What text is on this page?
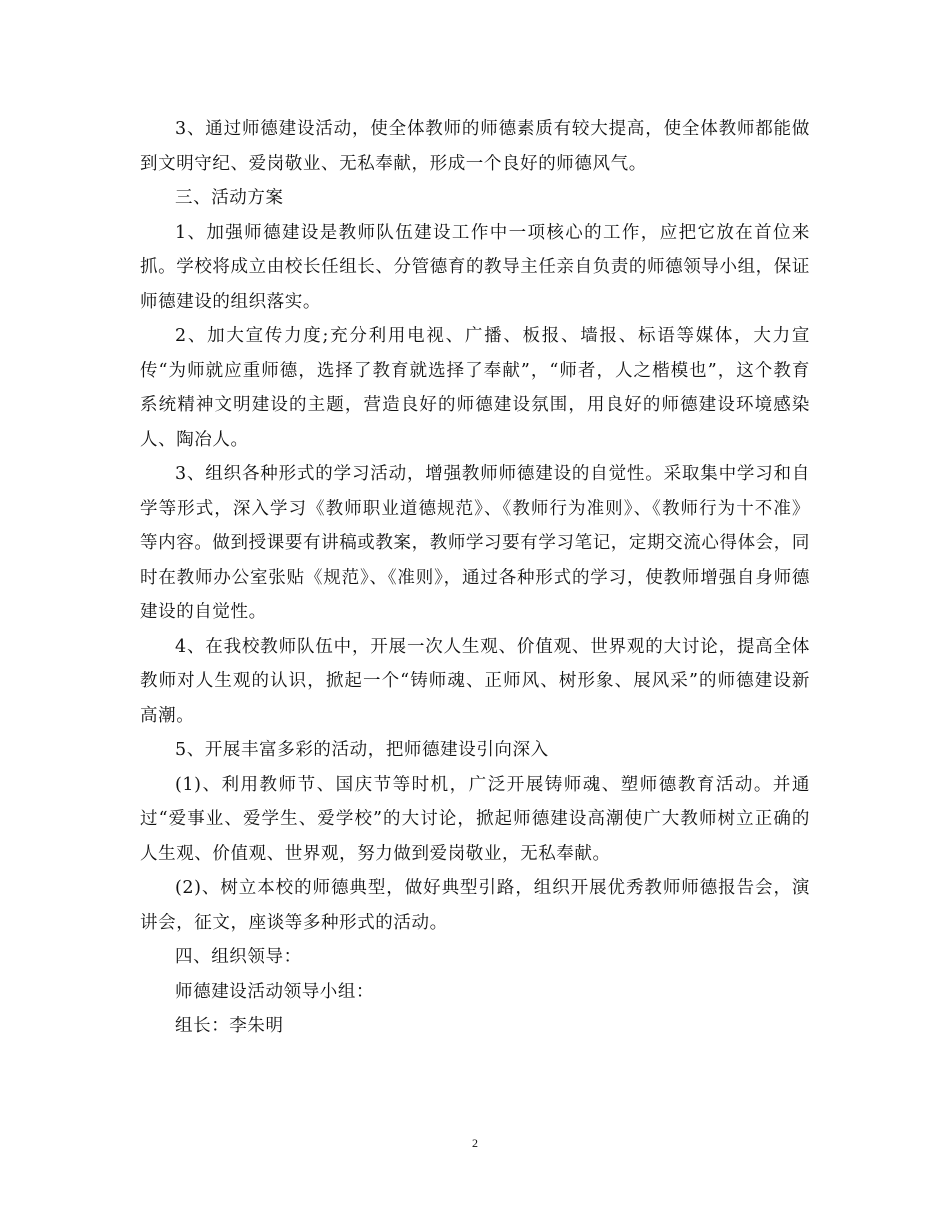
3、通过师德建设活动，使全体教师的师德素质有较大提高，使全体教师都能做到文明守纪、爱岗敬业、无私奉献，形成一个良好的师德风气。

三、活动方案

1、加强师德建设是教师队伍建设工作中一项核心的工作，应把它放在首位来抓。学校将成立由校长任组长、分管德育的教导主任亲自负责的师德领导小组，保证师德建设的组织落实。

2、加大宣传力度;充分利用电视、广播、板报、墙报、标语等媒体，大力宣传“为师就应重师德，选择了教育就选择了奉献”，“师者，人之楷模也”，这个教育系统精神文明建设的主题，营造良好的师德建设氛围，用良好的师德建设环境感染人、陶冶人。

3、组织各种形式的学习活动，增强教师师德建设的自觉性。采取集中学习和自学等形式，深入学习《教师职业道德规范》、《教师行为准则》、《教师行为十不准》等内容。做到授课要有讲稿或教案，教师学习要有学习笔记，定期交流心得体会，同时在教师办公室张贴《规范》、《准则》，通过各种形式的学习，使教师增强自身师德建设的自觉性。

4、在我校教师队伍中，开展一次人生观、价值观、世界观的大讨论，提高全体教师对人生观的认识，掀起一个“铸师魂、正师风、树形象、展风采”的师德建设新高潮。

5、开展丰富多彩的活动，把师德建设引向深入

(1)、利用教师节、国庆节等时机，广泛开展铸师魂、塑师德教育活动。并通过“爱事业、爱学生、爱学校”的大讨论，掀起师德建设高潮使广大教师树立正确的人生观、价值观、世界观，努力做到爱岗敬业，无私奉献。

(2)、树立本校的师德典型，做好典型引路，组织开展优秀教师师德报告会，演讲会，征文，座谈等多种形式的活动。

四、组织领导：

师德建设活动领导小组：

组长：李朱明

2
